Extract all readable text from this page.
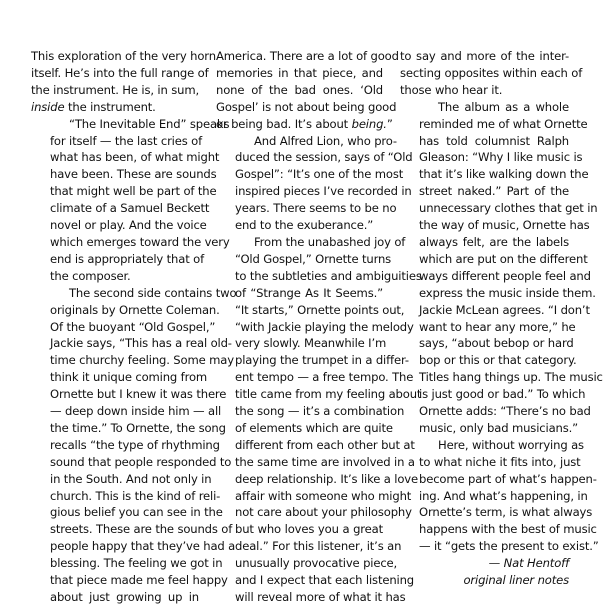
This exploration of the very horn
itself. He’s into the full range of
the instrument. He is, in sum,
inside the instrument.
“The Inevitable End” speaks
for itself — the last cries of
what has been, of what might
have been. These are sounds
that might well be part of the
climate of a Samuel Beckett
novel or play. And the voice
which emerges toward the very
end is appropriately that of
the composer.
The second side contains two
originals by Ornette Coleman.
Of the buoyant “Old Gospel,”
Jackie says, “This has a real old-
time churchy feeling. Some may
think it unique coming from
Ornette but I knew it was there
— deep down inside him — all
the time.” To Ornette, the song
recalls “the type of rhythming
sound that people responded to
in the South. And not only in
church. This is the kind of reli-
gious belief you can see in the
streets. These are the sounds of
people happy that they’ve had a
blessing. The feeling we got in
that piece made me feel happy
about just growing up in
America. There are a lot of good
memories in that piece, and
none of the bad ones. ‘Old
Gospel’ is not about being good
or being bad. It’s about being.”
And Alfred Lion, who pro-
duced the session, says of “Old
Gospel”: “It’s one of the most
inspired pieces I’ve recorded in
years. There seems to be no
end to the exuberance.”
From the unabashed joy of
“Old Gospel,” Ornette turns
to the subtleties and ambiguities
of “Strange As It Seems.”
“It starts,” Ornette points out,
“with Jackie playing the melody
very slowly. Meanwhile I’m
playing the trumpet in a differ-
ent tempo — a free tempo. The
title came from my feeling about
the song — it’s a combination
of elements which are quite
different from each other but at
the same time are involved in a
deep relationship. It’s like a love
affair with someone who might
not care about your philosophy
but who loves you a great
deal.” For this listener, it’s an
unusually provocative piece,
and I expect that each listening
will reveal more of what it has
to say and more of the inter-
secting opposites within each of
those who hear it.
The album as a whole
reminded me of what Ornette
has told columnist Ralph
Gleason: “Why I like music is
that it’s like walking down the
street naked.” Part of the
unnecessary clothes that get in
the way of music, Ornette has
always felt, are the labels
which are put on the different
ways different people feel and
express the music inside them.
Jackie McLean agrees. “I don’t
want to hear any more,” he
says, “about bebop or hard
bop or this or that category.
Titles hang things up. The music
is just good or bad.” To which
Ornette adds: “There’s no bad
music, only bad musicians.”
Here, without worrying as
to what niche it fits into, just
become part of what’s happen-
ing. And what’s happening, in
Ornette’s term, is what always
happens with the best of music
— it “gets the present to exist.”

— Nat Hentoff

original liner notes
